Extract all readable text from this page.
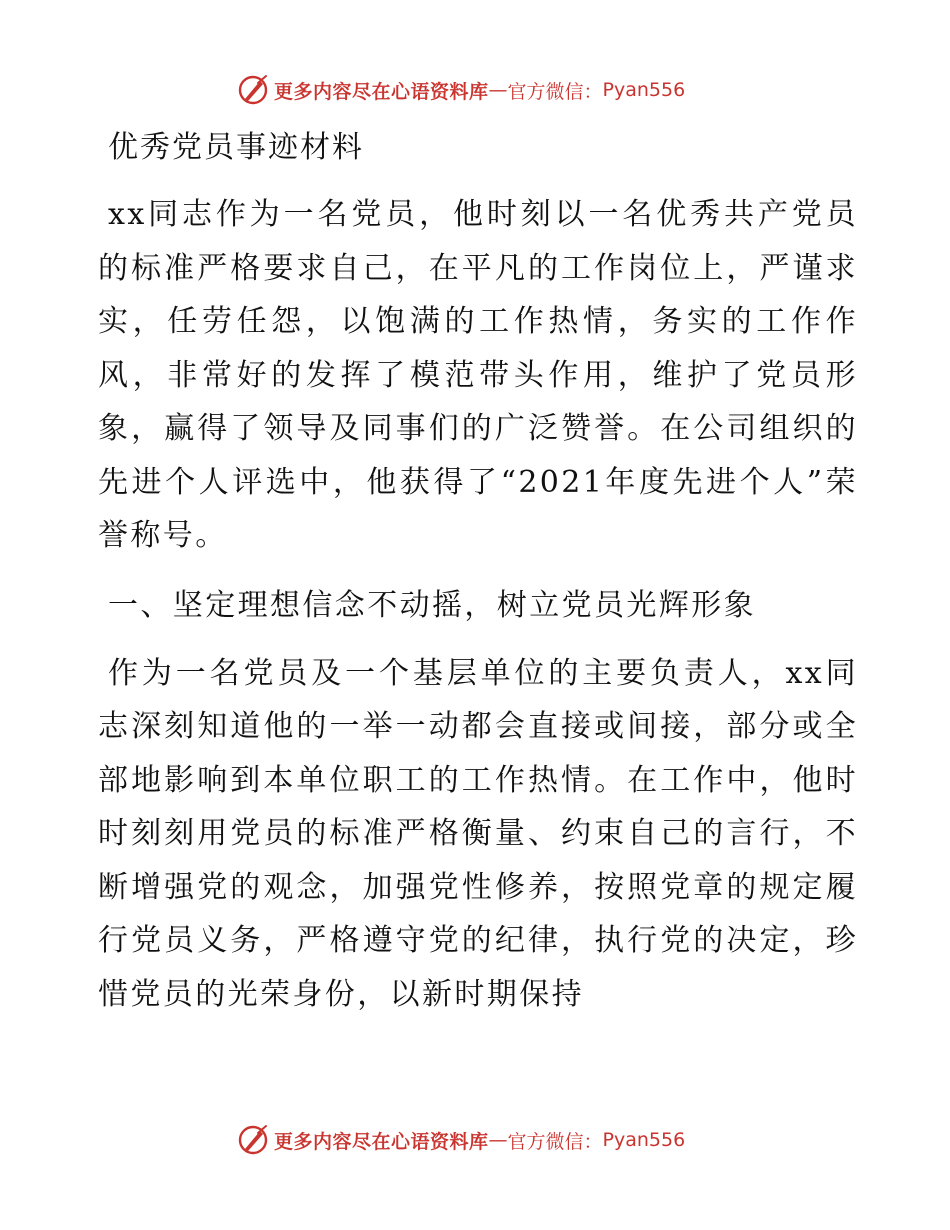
更多内容尽在心语资料库 — 官方微信： Pyan556
优秀党员事迹材料

xx同志作为一名党员，他时刻以一名优秀共产党员的标准严格要求自己，在平凡的工作岗位上，严谨求实，任劳任怨，以饱满的工作热情，务实的工作作风，非常好的发挥了模范带头作用，维护了党员形象，赢得了领导及同事们的广泛赞誉。在公司组织的先进个人评选中，他获得了“2021年度先进个人”荣誉称号。

一、坚定理想信念不动摇，树立党员光辉形象

作为一名党员及一个基层单位的主要负责人，xx同志深刻知道他的一举一动都会直接或间接，部分或全部地影响到本单位职工的工作热情。在工作中，他时时刻刻用党员的标准严格衡量、约束自己的言行，不断增强党的观念，加强党性修养，按照党章的规定履行党员义务，严格遵守党的纪律，执行党的决定，珍惜党员的光荣身份，以新时期保持

更多内容尽在心语资料库 — 官方微信： Pyan556
